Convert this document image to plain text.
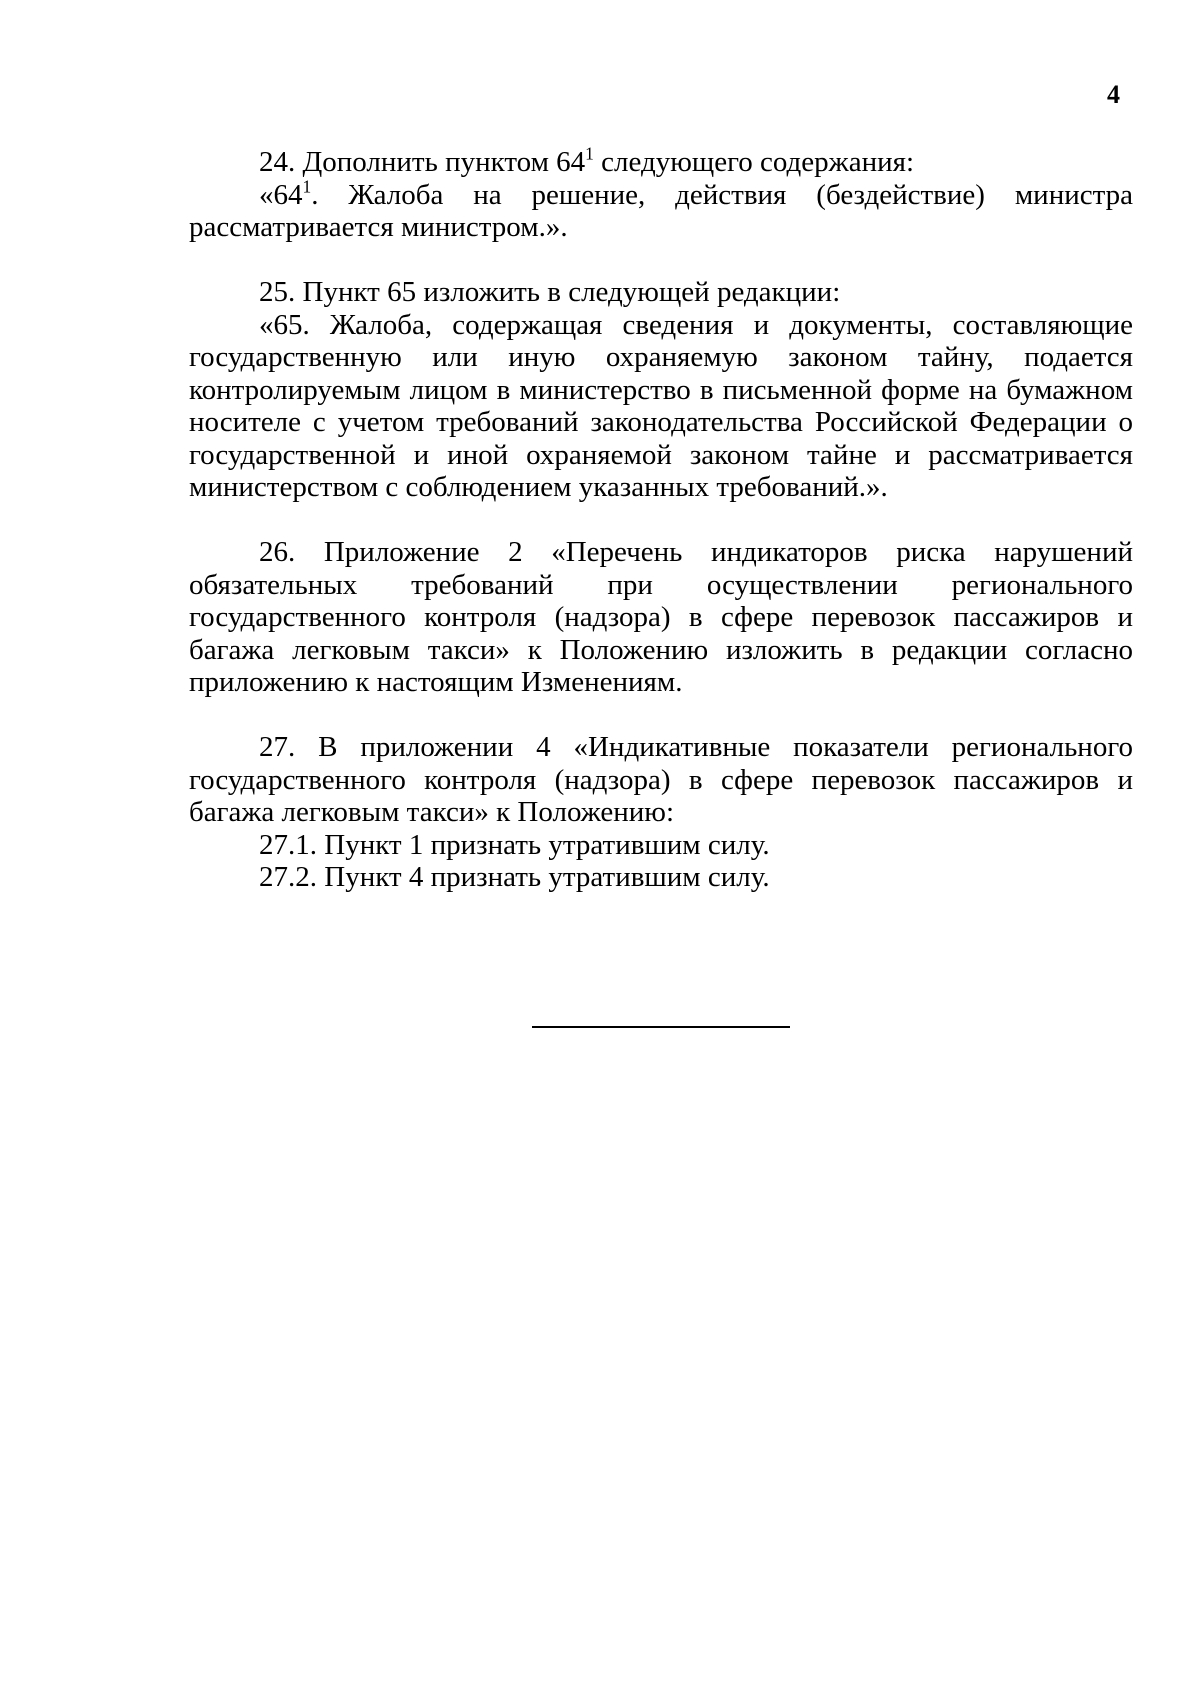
4

24. Дополнить пунктом $64^1$ следующего содержания:

«$64^1$. Жалоба на решение, действия (бездействие) министра рассматривается министром.».

25. Пункт 65 изложить в следующей редакции:

«65. Жалоба, содержащая сведения и документы, составляющие государственную или иную охраняемую законом тайну, подается контролируемым лицом в министерство в письменной форме на бумажном носителе с учетом требований законодательства Российской Федерации о государственной и иной охраняемой законом тайне и рассматривается министерством с соблюдением указанных требований.».

26. Приложение 2 «Перечень индикаторов риска нарушений обязательных требований при осуществлении регионального государственного контроля (надзора) в сфере перевозок пассажиров и багажа легковым такси» к Положению изложить в редакции согласно приложению к настоящим Изменениям.

27. В приложении 4 «Индикативные показатели регионального государственного контроля (надзора) в сфере перевозок пассажиров и багажа легковым такси» к Положению:

27.1. Пункт 1 признать утратившим силу.

27.2. Пункт 4 признать утратившим силу.
